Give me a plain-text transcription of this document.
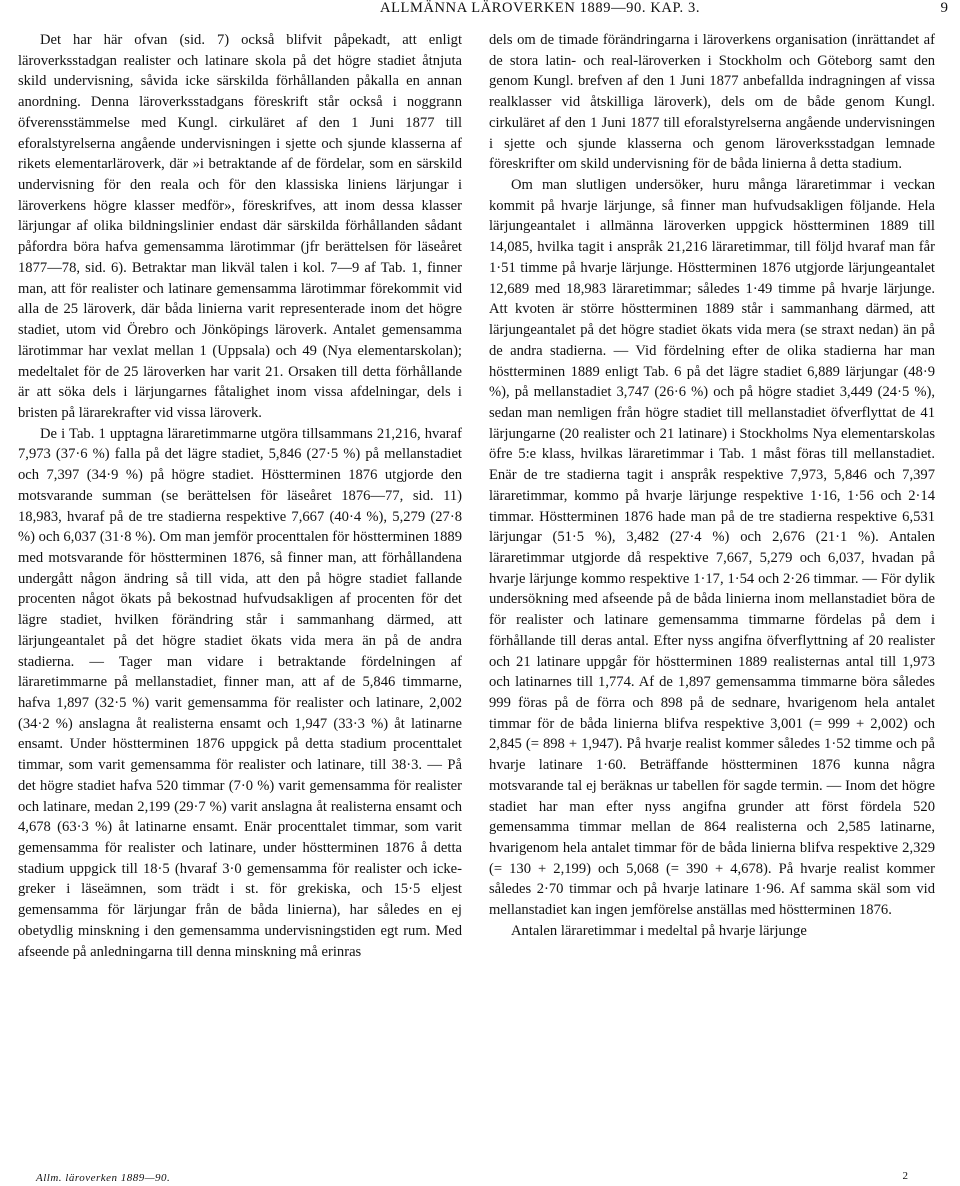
ALLMÄNNA LÄROVERKEN 1889—90. KAP. 3.	9

Det har här ofvan (sid. 7) också blifvit påpekadt, att enligt läroverksstadgan realister och latinare skola på det högre stadiet åtnjuta skild undervisning, såvida icke särskilda förhållanden påkalla en annan anordning. Denna läroverksstadgans föreskrift står också i noggrann öfverensstämmelse med Kungl. cirkuläret af den 1 Juni 1877 till eforalstyrelserna angående undervisningen i sjette och sjunde klasserna af rikets elementarläroverk, där »i betraktande af de fördelar, som en särskild undervisning för den reala och för den klassiska liniens lärjungar i läroverkens högre klasser medför», föreskrifves, att inom dessa klasser lärjungar af olika bildningslinier endast där särskilda förhållanden sådant påfordra böra hafva gemensamma lärotimmar (jfr berättelsen för läseåret 1877—78, sid. 6). Betraktar man likväl talen i kol. 7—9 af Tab. 1, finner man, att för realister och latinare gemensamma lärotimmar förekommit vid alla de 25 läroverk, där båda linierna varit representerade inom det högre stadiet, utom vid Örebro och Jönköpings läroverk. Antalet gemensamma lärotimmar har vexlat mellan 1 (Uppsala) och 49 (Nya elementarskolan); medeltalet för de 25 läroverken har varit 21. Orsaken till detta förhållande är att söka dels i lärjungarnes fåtalighet inom vissa afdelningar, dels i bristen på lärarekrafter vid vissa läroverk.

De i Tab. 1 upptagna läraretimmarne utgöra tillsammans 21,216, hvaraf 7,973 (37·6 %) falla på det lägre stadiet, 5,846 (27·5 %) på mellanstadiet och 7,397 (34·9 %) på högre stadiet. Höstterminen 1876 utgjorde den motsvarande summan (se berättelsen för läseåret 1876—77, sid. 11) 18,983, hvaraf på de tre stadierna respektive 7,667 (40·4 %), 5,279 (27·8 %) och 6,037 (31·8 %). Om man jemför procenttalen för höstterminen 1889 med motsvarande för höstterminen 1876, så finner man, att förhållandena undergått någon ändring så till vida, att den på högre stadiet fallande procenten något ökats på bekostnad hufvudsakligen af procenten för det lägre stadiet, hvilken förändring står i sammanhang därmed, att lärjungeantalet på det högre stadiet ökats vida mera än på de andra stadierna. — Tager man vidare i betraktande fördelningen af läraretimmarne på mellanstadiet, finner man, att af de 5,846 timmarne, hafva 1,897 (32·5 %) varit gemensamma för realister och latinare, 2,002 (34·2 %) anslagna åt realisterna ensamt och 1,947 (33·3 %) åt latinarne ensamt. Under höstterminen 1876 uppgick på detta stadium procenttalet timmar, som varit gemensamma för realister och latinare, till 38·3. — På det högre stadiet hafva 520 timmar (7·0 %) varit gemensamma för realister och latinare, medan 2,199 (29·7 %) varit anslagna åt realisterna ensamt och 4,678 (63·3 %) åt latinarne ensamt. Enär procenttalet timmar, som varit gemensamma för realister och latinare, under höstterminen 1876 å detta stadium uppgick till 18·5 (hvaraf 3·0 gemensamma för realister och icke-greker i läseämnen, som trädt i st. för grekiska, och 15·5 eljest gemensamma för lärjungar från de båda linierna), har således en ej obetydlig minskning i den gemensamma undervisningstiden egt rum. Med afseende på anledningarna till denna minskning må erinras

dels om de timade förändringarna i läroverkens organisation (inrättandet af de stora latin- och real-läroverken i Stockholm och Göteborg samt den genom Kungl. brefven af den 1 Juni 1877 anbefallda indragningen af vissa realklasser vid åtskilliga läroverk), dels om de både genom Kungl. cirkuläret af den 1 Juni 1877 till eforalstyrelserna angående undervisningen i sjette och sjunde klasserna och genom läroverksstadgan lemnade föreskrifter om skild undervisning för de båda linierna å detta stadium.

Om man slutligen undersöker, huru många läraretimmar i veckan kommit på hvarje lärjunge, så finner man hufvudsakligen följande. Hela lärjungeantalet i allmänna läroverken uppgick höstterminen 1889 till 14,085, hvilka tagit i anspråk 21,216 läraretimmar, till följd hvaraf man får 1·51 timme på hvarje lärjunge. Höstterminen 1876 utgjorde lärjungeantalet 12,689 med 18,983 läraretimmar; således 1·49 timme på hvarje lärjunge. Att kvoten är större höstterminen 1889 står i sammanhang därmed, att lärjungeantalet på det högre stadiet ökats vida mera (se straxt nedan) än på de andra stadierna. — Vid fördelning efter de olika stadierna har man höstterminen 1889 enligt Tab. 6 på det lägre stadiet 6,889 lärjungar (48·9 %), på mellanstadiet 3,747 (26·6 %) och på högre stadiet 3,449 (24·5 %), sedan man nemligen från högre stadiet till mellanstadiet öfverflyttat de 41 lärjungarne (20 realister och 21 latinare) i Stockholms Nya elementarskolas öfre 5:e klass, hvilkas läraretimmar i Tab. 1 måst föras till mellanstadiet. Enär de tre stadierna tagit i anspråk respektive 7,973, 5,846 och 7,397 läraretimmar, kommo på hvarje lärjunge respektive 1·16, 1·56 och 2·14 timmar. Höstterminen 1876 hade man på de tre stadierna respektive 6,531 lärjungar (51·5 %), 3,482 (27·4 %) och 2,676 (21·1 %). Antalen läraretimmar utgjorde då respektive 7,667, 5,279 och 6,037, hvadan på hvarje lärjunge kommo respektive 1·17, 1·54 och 2·26 timmar. — För dylik undersökning med afseende på de båda linierna inom mellanstadiet böra de för realister och latinare gemensamma timmarne fördelas på dem i förhållande till deras antal. Efter nyss angifna öfverflyttning af 20 realister och 21 latinare uppgår för höstterminen 1889 realisternas antal till 1,973 och latinarnes till 1,774. Af de 1,897 gemensamma timmarne böra således 999 föras på de förra och 898 på de sednare, hvarigenom hela antalet timmar för de båda linierna blifva respektive 3,001 (= 999 + 2,002) och 2,845 (= 898 + 1,947). På hvarje realist kommer således 1·52 timme och på hvarje latinare 1·60. Beträffande höstterminen 1876 kunna några motsvarande tal ej beräknas ur tabellen för sagde termin. — Inom det högre stadiet har man efter nyss angifna grunder att först fördela 520 gemensamma timmar mellan de 864 realisterna och 2,585 latinarne, hvarigenom hela antalet timmar för de båda linierna blifva respektive 2,329 (= 130 + 2,199) och 5,068 (= 390 + 4,678). På hvarje realist kommer således 2·70 timmar och på hvarje latinare 1·96. Af samma skäl som vid mellanstadiet kan ingen jemförelse anställas med höstterminen 1876.

Antalen läraretimmar i medeltal på hvarje lärjunge

Allm. läroverken 1889—90.	2
